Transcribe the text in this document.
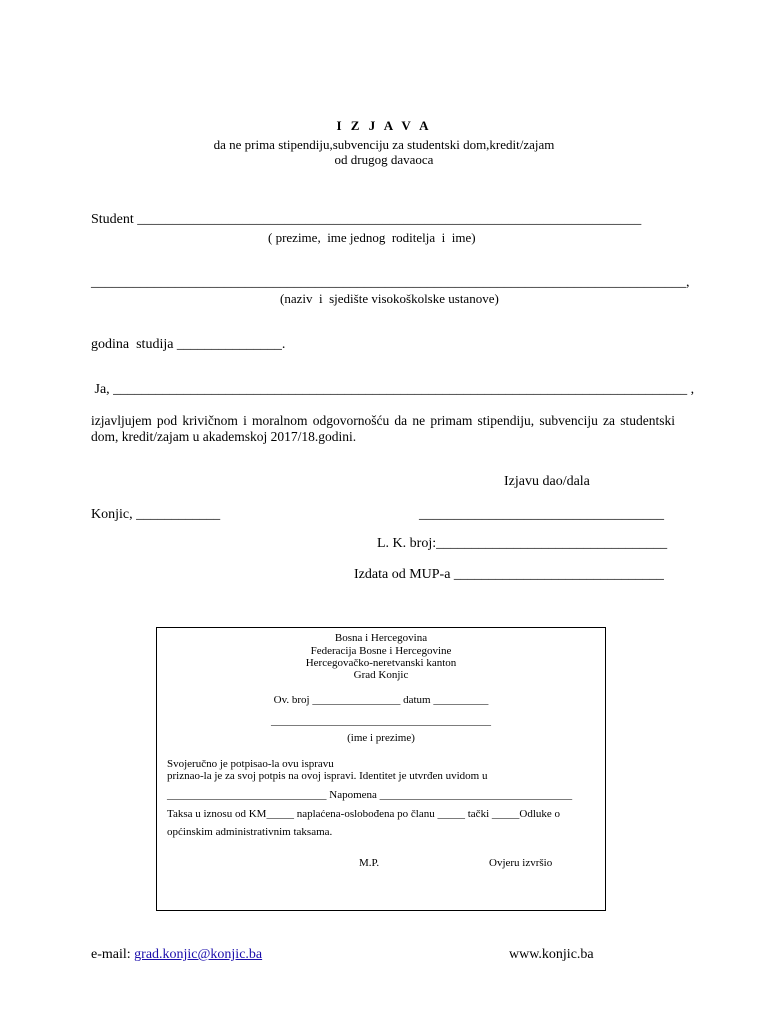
I Z J A V A
da ne prima stipendiju,subvenciju za studentski dom,kredit/zajam
od drugog davaoca
Student ________________________________________________________________________
( prezime,  ime jednog  roditelja  i  ime)
_____________________________________________________________________________________,
(naziv  i  sjedište visokoškolske ustanove)
godina  studija _______________.
Ja, __________________________________________________________________________________ ,
izjavljujem pod krivičnom i moralnom odgovornošću da ne primam stipendiju, subvenciju za studentski dom, kredit/zajam u akademskoj 2017/18.godini.
Izjavu dao/dala
Konjic, ____________	___________________________________
L. K. broj:_________________________________
Izdata od MUP-a ______________________________
Bosna i Hercegovina
Federacija Bosne i Hercegovine
Hercegovačko-neretvanski kanton
Grad Konjic
Ov. broj ________________ datum __________
________________________________________
(ime i prezime)
Svojeručno je potpisao-la ovu ispravu
priznao-la je za svoj potpis na ovoj ispravi. Identitet je utvrđen uvidom u
_____________________________ Napomena ___________________________________
Taksa u iznosu od KM_____ naplaćena-oslobođena po članu _____ tački _____Odluke o
općinskim administrativnim taksama.
M.P.	Ovjeru izvršio
e-mail: grad.konjic@konjic.ba	www.konjic.ba
